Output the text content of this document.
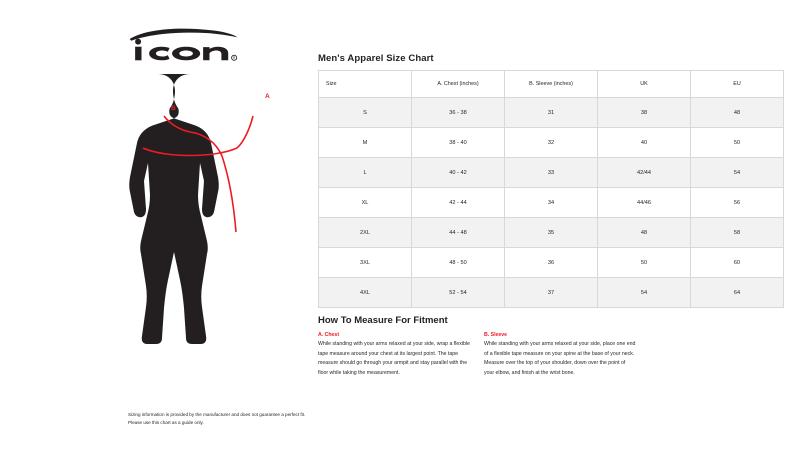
R
A
B
Sizing information is provided by the manufacturer and does not guarantee a perfect fit.
Please use this chart as a guide only.
Men's Apparel Size Chart
Size	A. Chest (inches)	B. Sleeve (inches)	UK	EU
S	36 - 38	31	38	48
M	38 - 40	32	40	50
L	40 - 42	33	42/44	54
XL	42 - 44	34	44/46	56
2XL	44 - 48	35	48	58
3XL	48 - 50	36	50	60
4XL	52 - 54	37	54	64
How To Measure For Fitment
A. Chest
While standing with your arms relaxed at your side, wrap a flexible tape measure around your chest at its largest point. The tape measure should go through your armpit and stay parallel with the floor while taking the measurement.
B. Sleeve
While standing with your arms relaxed at your side, place one end of a flexible tape measure on your spine at the base of your neck. Measure over the top of your shoulder, down over the point of your elbow, and finish at the wrist bone.
